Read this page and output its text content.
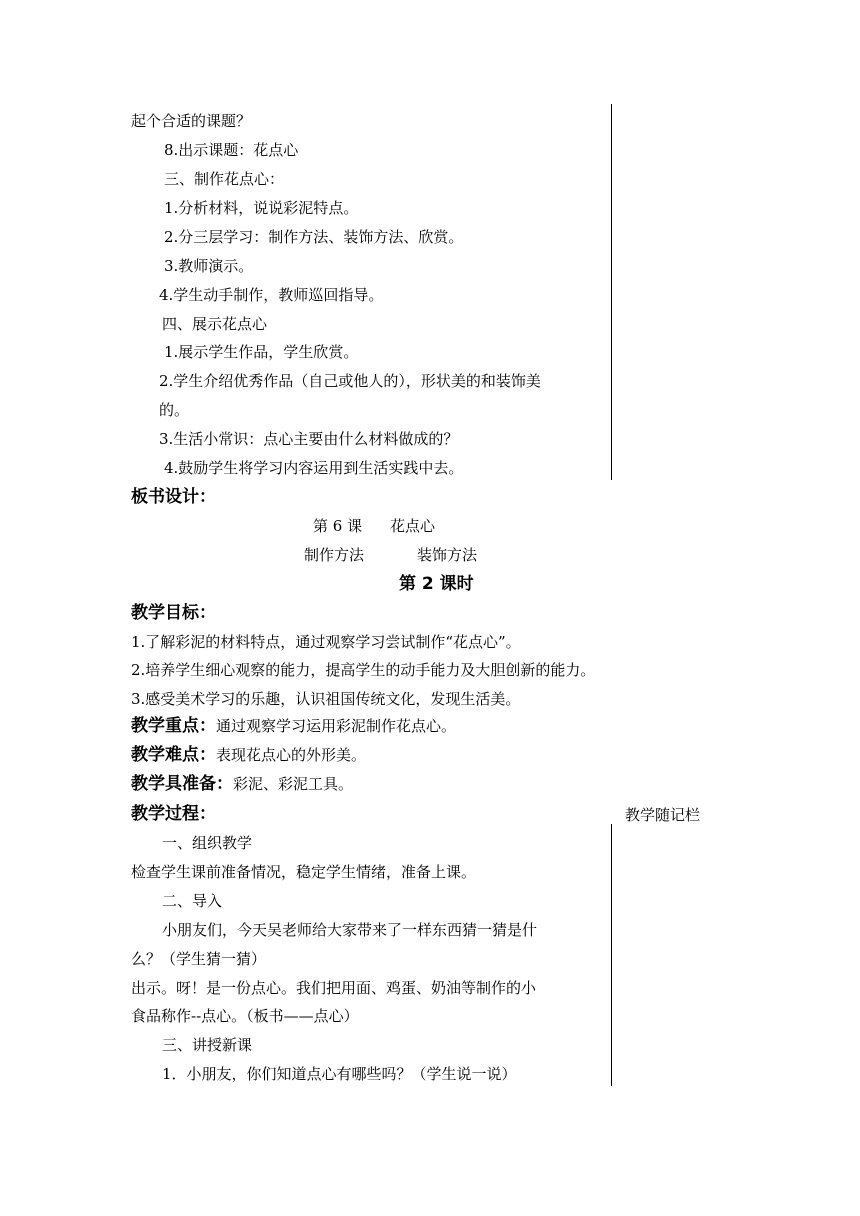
起个合适的课题？
8.出示课题：花点心
三、制作花点心：
1.分析材料，说说彩泥特点。
2.分三层学习：制作方法、装饰方法、欣赏。
3.教师演示。
4.学生动手制作，教师巡回指导。
四、展示花点心
1.展示学生作品，学生欣赏。
2.学生介绍优秀作品（自己或他人的），形状美的和装饰美
的。
3.生活小常识：点心主要由什么材料做成的？
4.鼓励学生将学习内容运用到生活实践中去。
板书设计：
第 6 课 花点心
制作方法	装饰方法
第 2 课时
教学目标：
1.了解彩泥的材料特点，通过观察学习尝试制作“花点心”。
2.培养学生细心观察的能力，提高学生的动手能力及大胆创新的能力。
3.感受美术学习的乐趣，认识祖国传统文化，发现生活美。
教学重点：通过观察学习运用彩泥制作花点心。
教学难点：表现花点心的外形美。
教学具准备：彩泥、彩泥工具。
教学过程：	教学随记栏
一、组织教学
检查学生课前准备情况，稳定学生情绪，准备上课。
二、导入
小朋友们，今天吴老师给大家带来了一样东西猜一猜是什
么？（学生猜一猜）
出示。呀！是一份点心。我们把用面、鸡蛋、奶油等制作的小
食品称作--点心。（板书——点心）
三、讲授新课
1．小朋友，你们知道点心有哪些吗？（学生说一说）
